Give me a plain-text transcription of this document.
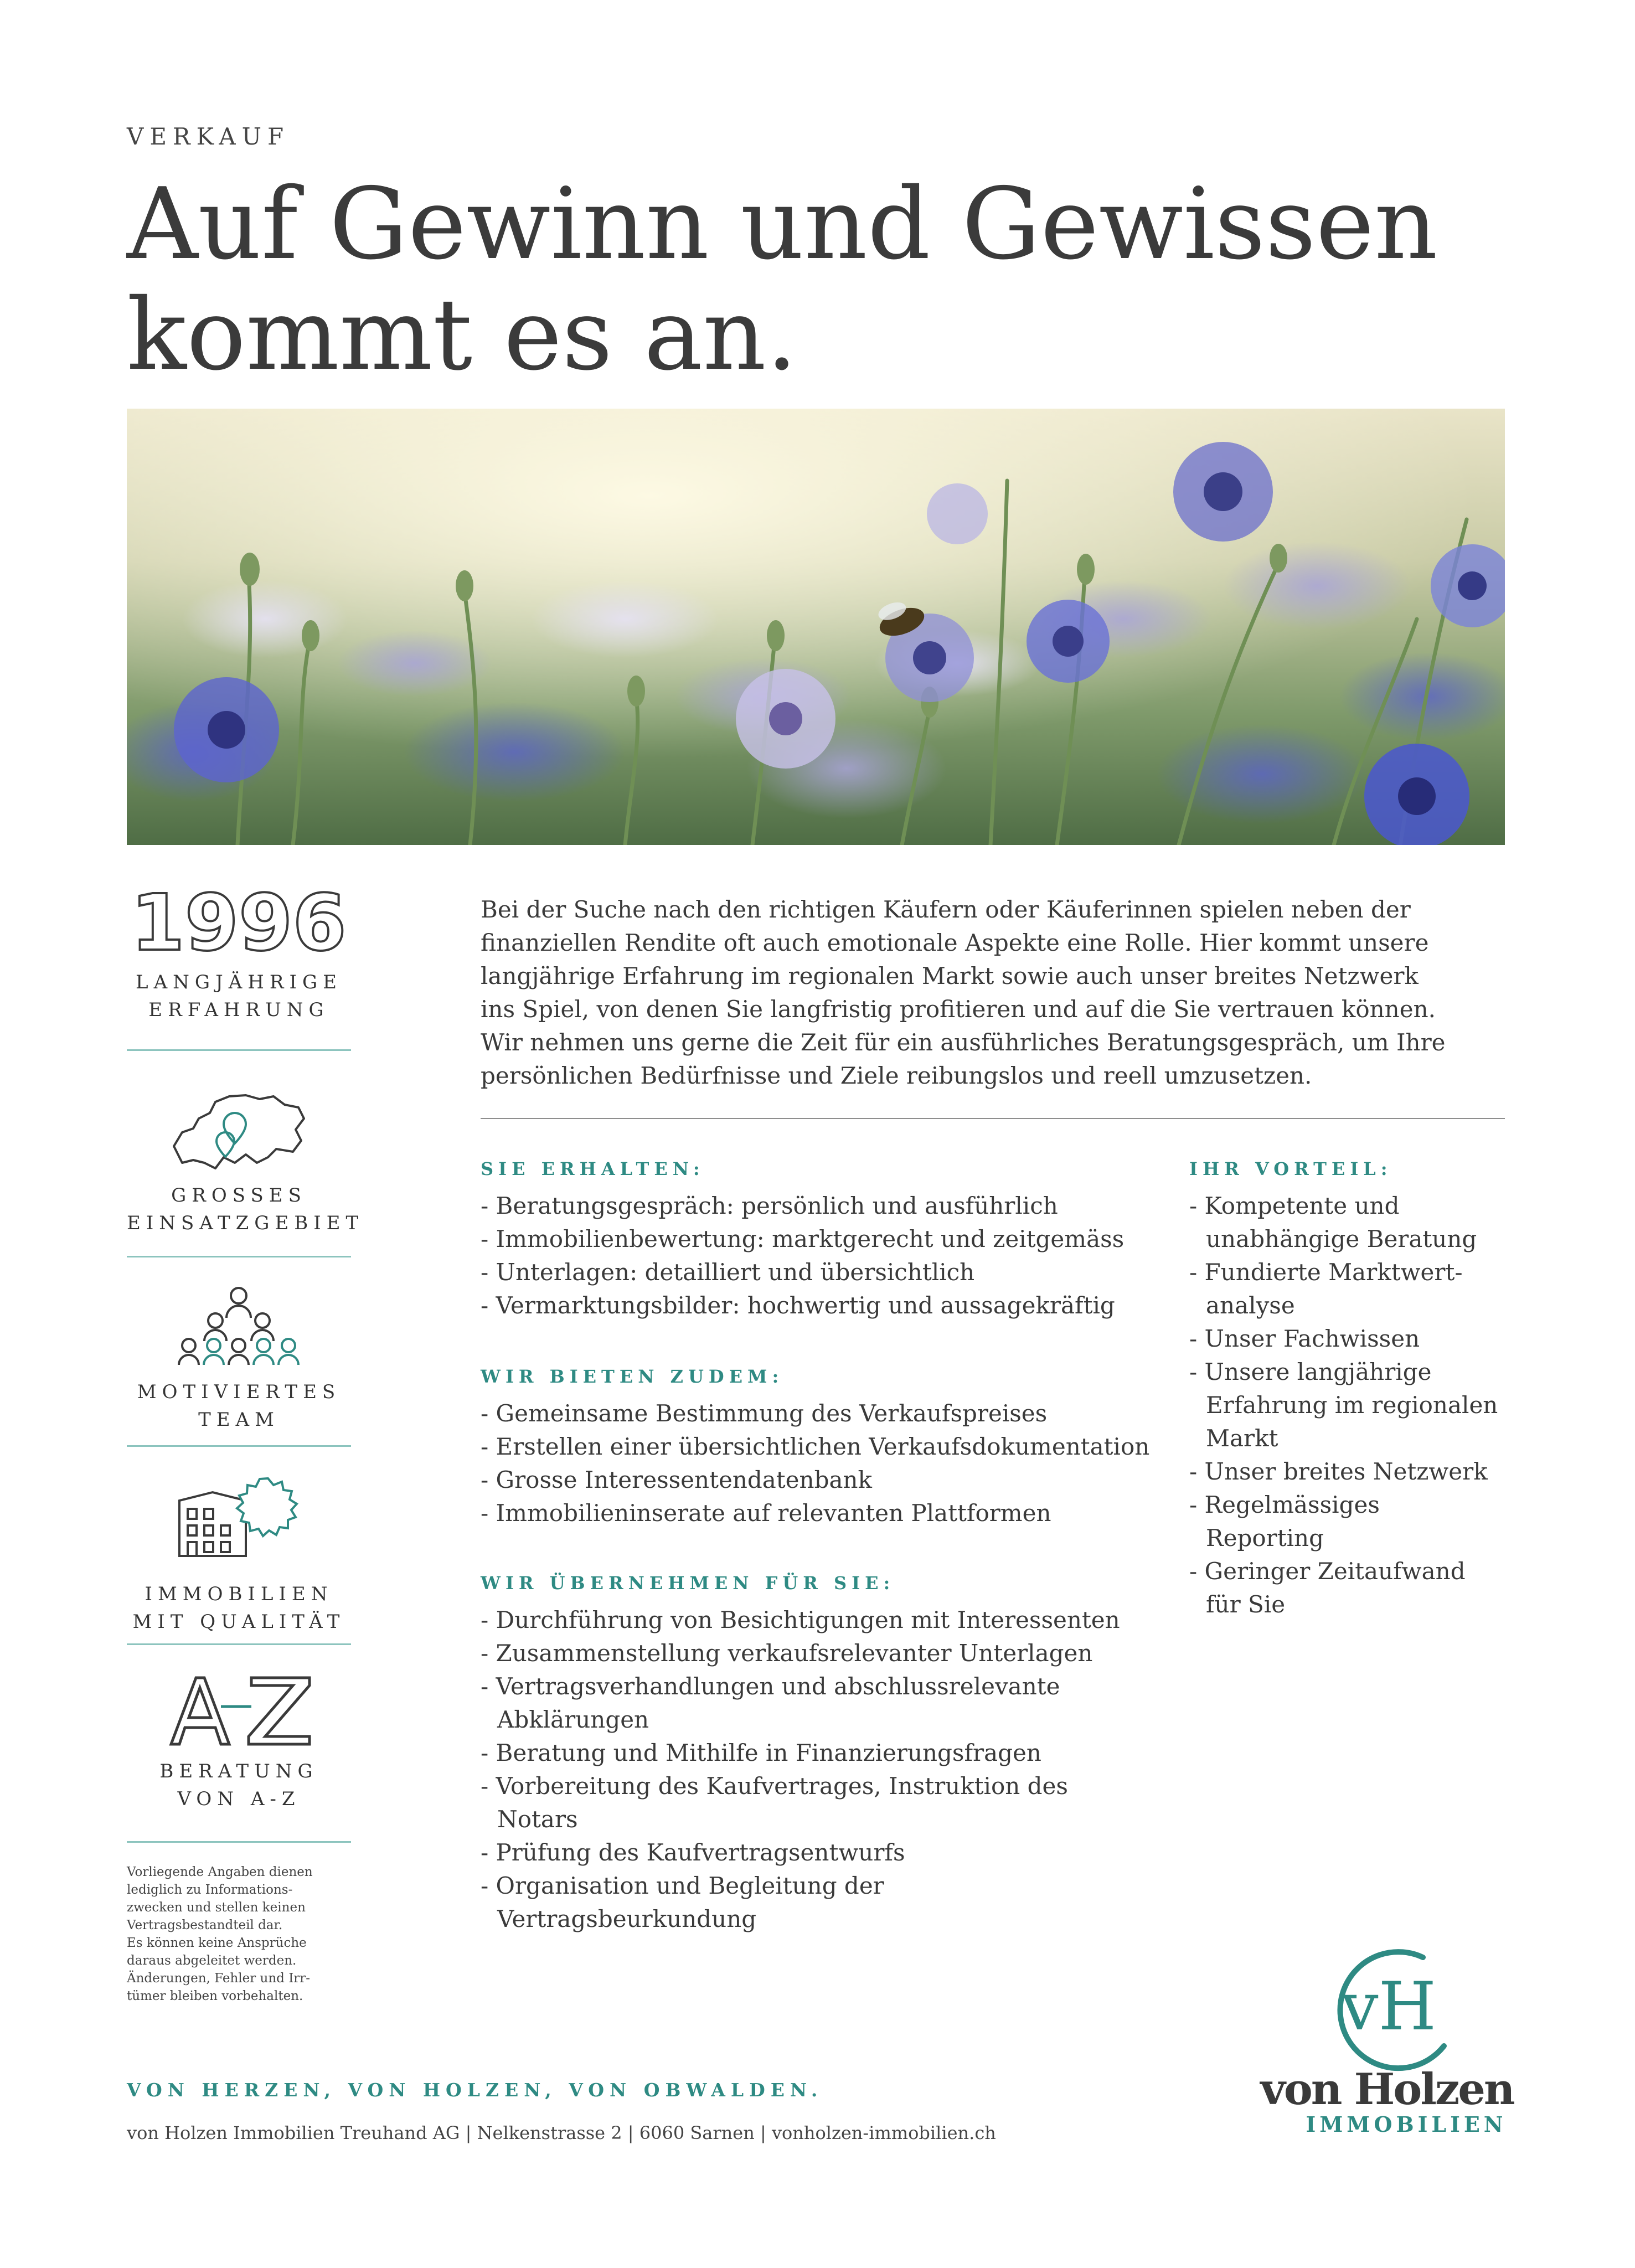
VERKAUF
Auf Gewinn und Gewissen
kommt es an.
1996
LANGJÄHRIGE
ERFAHRUNG
GROSSES
EINSATZGEBIET
MOTIVIERTES
TEAM
IMMOBILIEN
MIT QUALITÄT
BERATUNG
VON A-Z
Vorliegende Angaben dienen
lediglich zu Informations-
zwecken und stellen keinen
Vertragsbestandteil dar.
Es können keine Ansprüche
daraus abgeleitet werden.
Änderungen, Fehler und Irr-
tümer bleiben vorbehalten.

Bei der Suche nach den richtigen Käufern oder Käuferinnen spielen neben der

finanziellen Rendite oft auch emotionale Aspekte eine Rolle. Hier kommt unsere

langjährige Erfahrung im regionalen Markt sowie auch unser breites Netzwerk

ins Spiel, von denen Sie langfristig profitieren und auf die Sie vertrauen können.

Wir nehmen uns gerne die Zeit für ein ausführliches Beratungsgespräch, um Ihre

persönlichen Bedürfnisse und Ziele reibungslos und reell umzusetzen.

SIE ERHALTEN:
- Beratungsgespräch: persönlich und ausführlich
- Immobilienbewertung: marktgerecht und zeitgemäss
- Unterlagen: detailliert und übersichtlich
- Vermarktungsbilder: hochwertig und aussagekräftig
WIR BIETEN ZUDEM:
- Gemeinsame Bestimmung des Verkaufspreises
- Erstellen einer übersichtlichen Verkaufsdokumentation
- Grosse Interessentendatenbank
- Immobilieninserate auf relevanten Plattformen
WIR ÜBERNEHMEN FÜR SIE:
- Durchführung von Besichtigungen mit Interessenten
- Zusammenstellung verkaufsrelevanter Unterlagen
- Vertragsverhandlungen und abschlussrelevante Abklärungen
- Beratung und Mithilfe in Finanzierungsfragen
- Vorbereitung des Kaufvertrages, Instruktion des Notars
- Prüfung des Kaufvertragsentwurfs
- Organisation und Begleitung der Vertragsbeurkundung
IHR VORTEIL:
- Kompetente und unabhängige Beratung
- Fundierte Marktwert-analyse
- Unser Fachwissen
- Unsere langjährige Erfahrung im regionalen Markt
- Unser breites Netzwerk
- Regelmässiges Reporting
- Geringer Zeitaufwand für Sie
VON HERZEN, VON HOLZEN, VON OBWALDEN.
von Holzen Immobilien Treuhand AG | Nelkenstrasse 2 | 6060 Sarnen | vonholzen-immobilien.ch
vH
von Holzen
IMMOBILIEN
